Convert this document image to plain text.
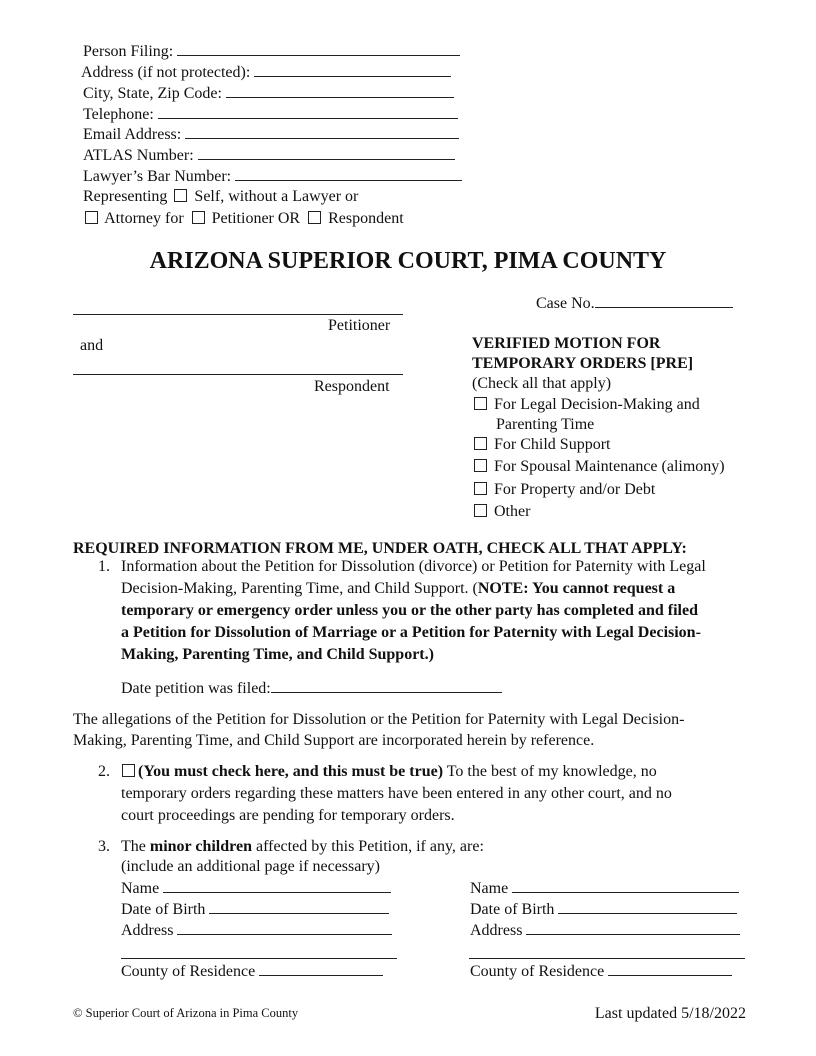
Person Filing:
Address (if not protected):
City, State, Zip Code:
Telephone:
Email Address:
ATLAS Number:
Lawyer’s Bar Number:
Representing Self, without a Lawyer or
Attorney for Petitioner OR Respondent
ARIZONA SUPERIOR COURT, PIMA COUNTY
Petitioner
and
Respondent
Case No.
VERIFIED MOTION FOR
TEMPORARY ORDERS [PRE]
(Check all that apply)
For Legal Decision-Making and
Parenting Time
For Child Support
For Spousal Maintenance (alimony)
For Property and/or Debt
Other
REQUIRED INFORMATION FROM ME, UNDER OATH, CHECK ALL THAT APPLY:
1. Information about the Petition for Dissolution (divorce) or Petition for Paternity with Legal
Decision-Making, Parenting Time, and Child Support. (NOTE: You cannot request a
temporary or emergency order unless you or the other party has completed and filed
a Petition for Dissolution of Marriage or a Petition for Paternity with Legal Decision-
Making, Parenting Time, and Child Support.)
Date petition was filed:
The allegations of the Petition for Dissolution or the Petition for Paternity with Legal Decision-
Making, Parenting Time, and Child Support are incorporated herein by reference.
2.	(You must check here, and this must be true) To the best of my knowledge, no
temporary orders regarding these matters have been entered in any other court, and no
court proceedings are pending for temporary orders.
3. The minor children affected by this Petition, if any, are:
(include an additional page if necessary)
Name
Date of Birth
Address
County of Residence
Name
Date of Birth
Address
County of Residence
© Superior Court of Arizona in Pima County	Last updated 5/18/2022
